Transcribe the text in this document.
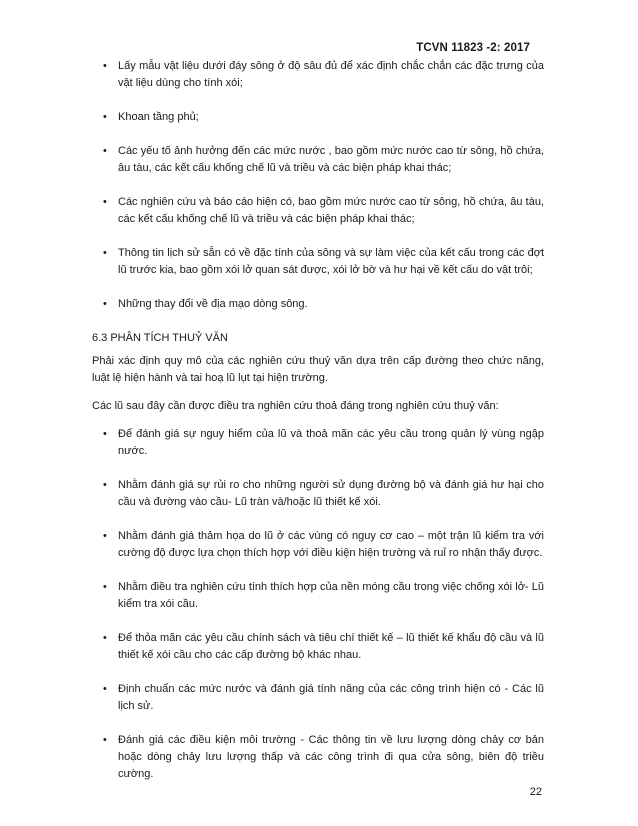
TCVN 11823 -2: 2017
• Lấy mẫu vật liệu dưới đáy sông ở độ sâu đủ để xác định chắc chắn các đặc trưng của vật liệu dùng cho tính xói;
• Khoan tầng phủ;
• Các yếu tố ảnh hưởng đến các mức nước , bao gồm mức nước cao từ sông, hồ chứa, âu tàu, các kết cấu khống chế lũ và triều và các biện pháp khai thác;
• Các nghiên cứu và báo cáo hiện có, bao gồm mức nước cao từ sông, hồ chứa, âu tàu, các kết cấu khống chế lũ và triều và các biện pháp khai thác;
• Thông tin lịch sử sẵn có về đặc tính của sông và sự làm việc của kết cấu trong các đợt lũ trước kia, bao gồm xói lở quan sát được, xói lở bờ và hư hại về kết cấu do vật trôi;
• Những thay đổi về địa mạo dòng sông.
6.3 PHÂN TÍCH THUỶ VĂN

Phải xác định quy mô của các nghiên cứu thuỷ văn dựa trên cấp đường theo chức năng, luật lệ hiện hành và tai hoạ lũ lụt tại hiện trường.

Các lũ sau đây cần được điều tra nghiên cứu thoả đáng trong nghiên cứu thuỷ văn:

• Để đánh giá sự nguy hiểm của lũ và thoả mãn các yêu cầu trong quản lý vùng ngập nước.
• Nhằm đánh giá sự rủi ro cho những người sử dụng đường bộ và đánh giá hư hại cho cầu và đường vào cầu- Lũ tràn và/hoặc lũ thiết kế xói.
• Nhằm đánh giá thảm họa do lũ ở các vùng có nguy cơ cao – một trận lũ kiểm tra với cường độ được lựa chọn thích hợp với điều kiện hiện trường và ruỉ ro nhận thấy được.
• Nhằm điều tra nghiên cứu tính thích hợp của nền móng cầu trong việc chống xói lở- Lũ kiểm tra xói cầu.
• Để thỏa mãn các yêu cầu chính sách và tiêu chí thiết kế – lũ thiết kế khẩu độ cầu và lũ thiết kế xói cầu cho các cấp đường bộ khác nhau.
• Định chuẩn các mức nước và đánh giá tính năng của các công trình hiện có - Các lũ lịch sử.
• Đánh giá các điều kiện môi trường - Các thông tin về lưu lượng dòng chảy cơ bản hoặc dòng chảy lưu lượng thấp và các công trình đi qua cửa sông, biên độ triều cường.
22
